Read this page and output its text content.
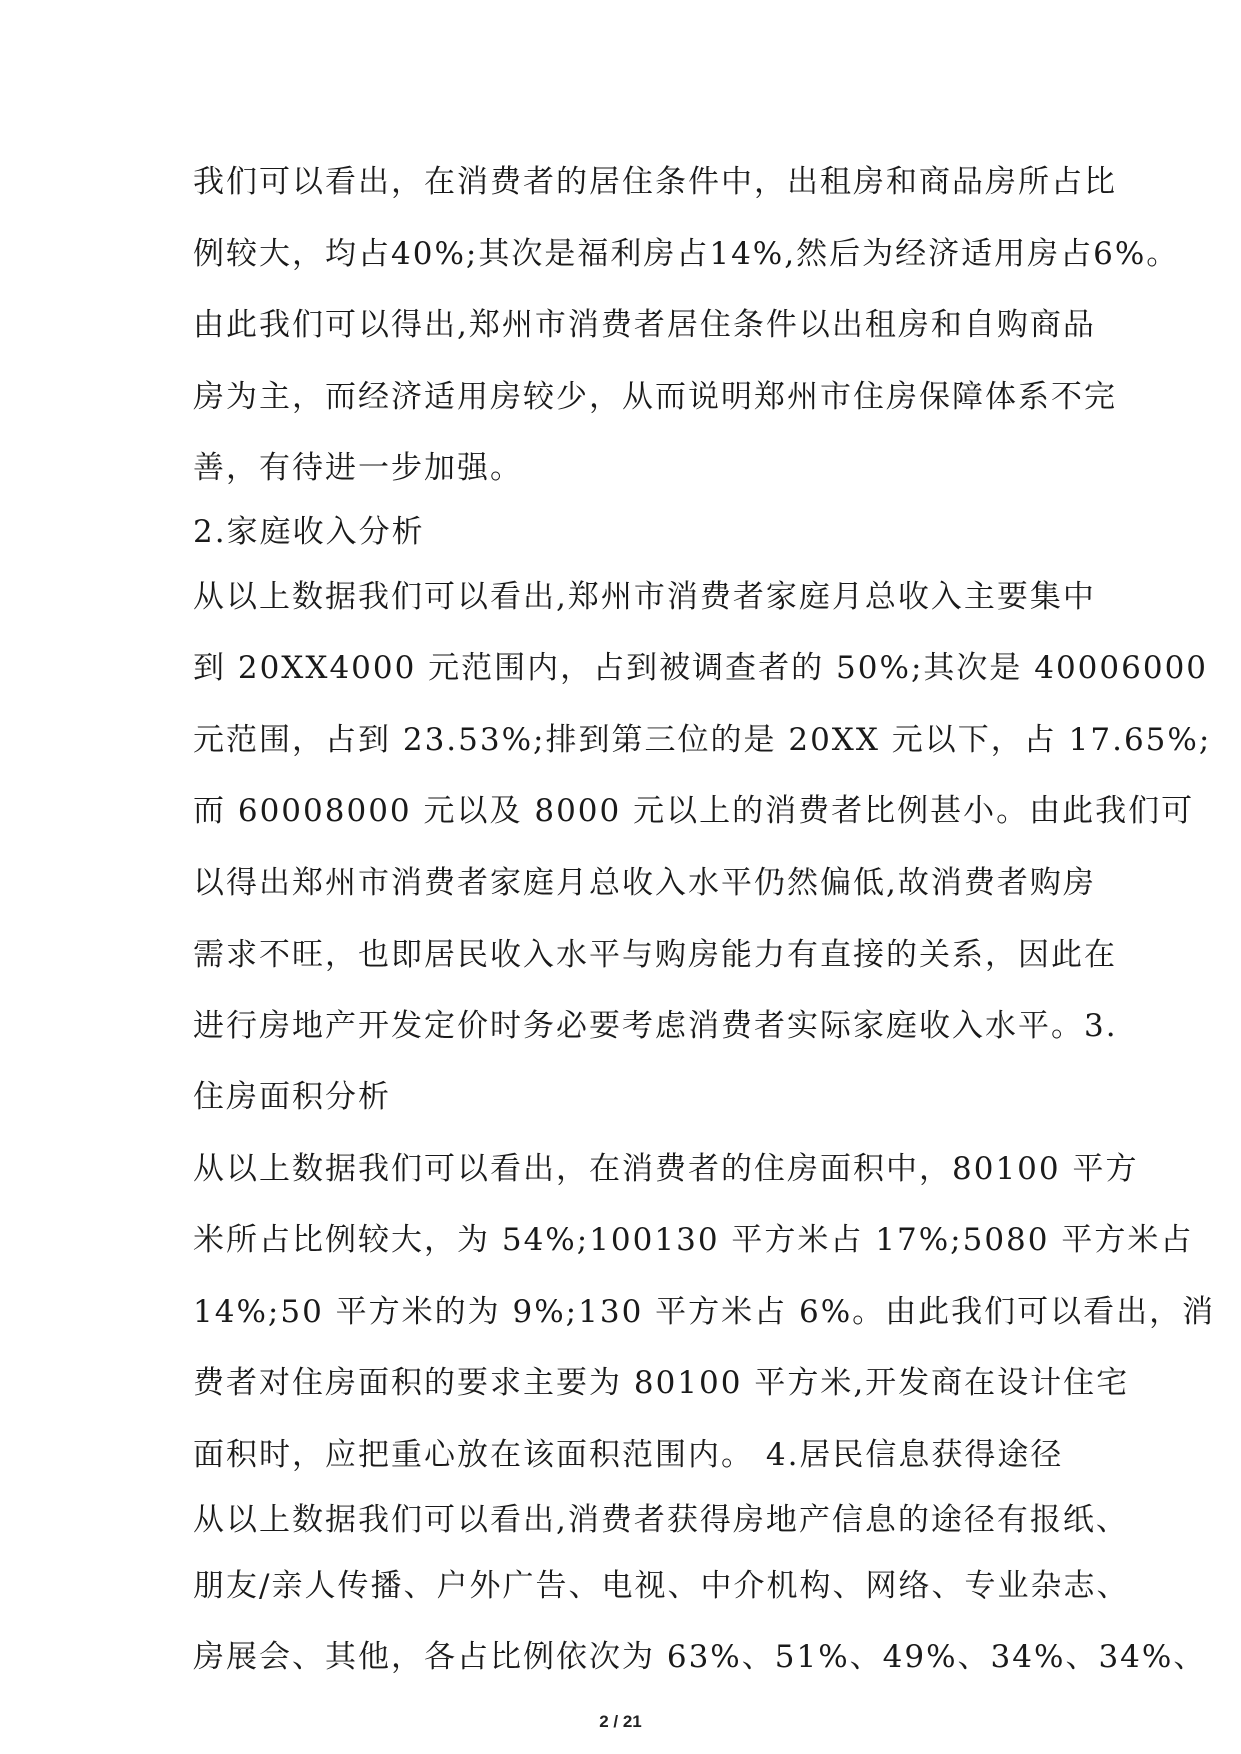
我们可以看出，在消费者的居住条件中，出租房和商品房所占比
例较大，均占40%;其次是福利房占14%,然后为经济适用房占6%。
由此我们可以得出,郑州市消费者居住条件以出租房和自购商品
房为主，而经济适用房较少，从而说明郑州市住房保障体系不完
善，有待进一步加强。
2.家庭收入分析
从以上数据我们可以看出,郑州市消费者家庭月总收入主要集中
到 20XX4000 元范围内，占到被调查者的 50%;其次是 40006000
元范围，占到 23.53%;排到第三位的是 20XX 元以下，占 17.65%;
而 60008000 元以及 8000 元以上的消费者比例甚小。由此我们可
以得出郑州市消费者家庭月总收入水平仍然偏低,故消费者购房
需求不旺，也即居民收入水平与购房能力有直接的关系，因此在
进行房地产开发定价时务必要考虑消费者实际家庭收入水平。3.
住房面积分析
从以上数据我们可以看出，在消费者的住房面积中，80100 平方
米所占比例较大，为 54%;100130 平方米占 17%;5080 平方米占
14%;50 平方米的为 9%;130 平方米占 6%。由此我们可以看出，消
费者对住房面积的要求主要为 80100 平方米,开发商在设计住宅
面积时，应把重心放在该面积范围内。 4.居民信息获得途径
从以上数据我们可以看出,消费者获得房地产信息的途径有报纸、
朋友/亲人传播、户外广告、电视、中介机构、网络、专业杂志、
房展会、其他，各占比例依次为 63%、51%、49%、34%、34%、
2 / 21
